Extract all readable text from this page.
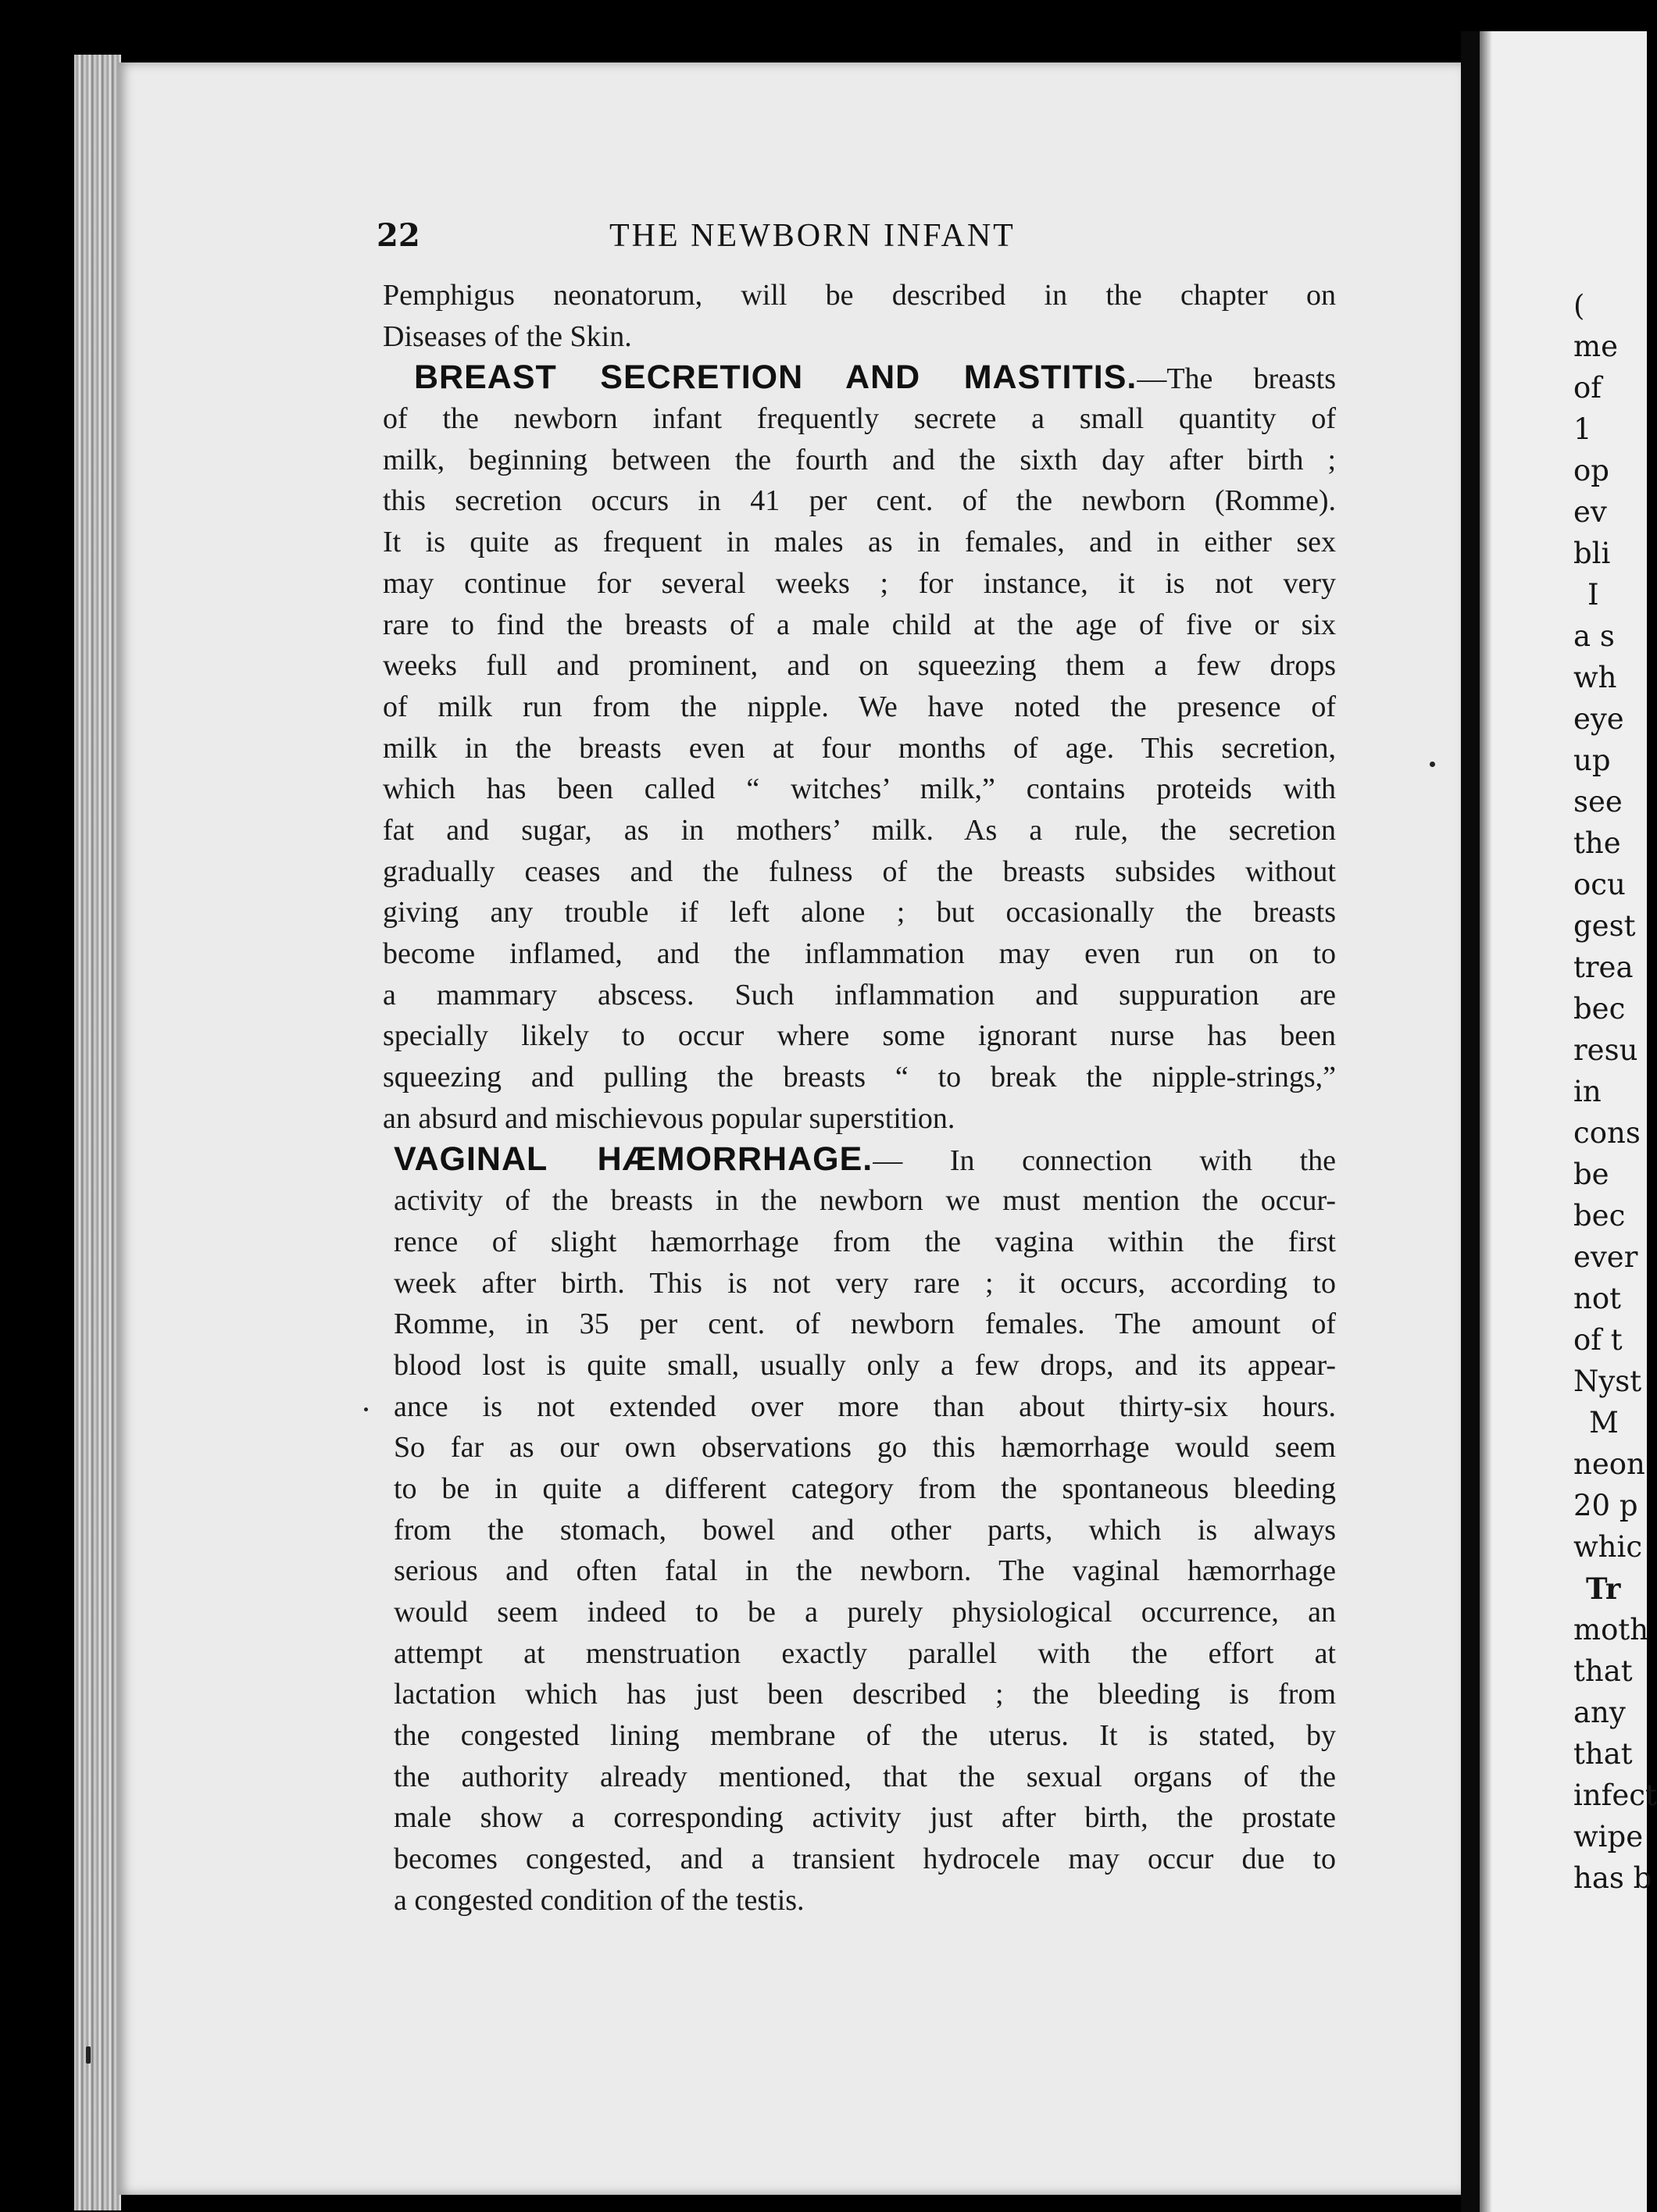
22	THE NEWBORN INFANT
Pemphigus neonatorum, will be described in the chapter on
Diseases of the Skin.
BREAST SECRETION AND MASTITIS.—The breasts
of the newborn infant frequently secrete a small quantity of
milk, beginning between the fourth and the sixth day after birth ;
this secretion occurs in 41 per cent. of the newborn (Romme).
It is quite as frequent in males as in females, and in either sex
may continue for several weeks ; for instance, it is not very
rare to find the breasts of a male child at the age of five or six
weeks full and prominent, and on squeezing them a few drops
of milk run from the nipple. We have noted the presence of
milk in the breasts even at four months of age. This secretion,
which has been called “ witches’ milk,” contains proteids with
fat and sugar, as in mothers’ milk. As a rule, the secretion
gradually ceases and the fulness of the breasts subsides without
giving any trouble if left alone ; but occasionally the breasts
become inflamed, and the inflammation may even run on to
a mammary abscess. Such inflammation and suppuration are
specially likely to occur where some ignorant nurse has been
squeezing and pulling the breasts “ to break the nipple-strings,”
an absurd and mischievous popular superstition.
VAGINAL HÆMORRHAGE.— In connection with the
activity of the breasts in the newborn we must mention the occur-
rence of slight hæmorrhage from the vagina within the first
week after birth. This is not very rare ; it occurs, according to
Romme, in 35 per cent. of newborn females. The amount of
blood lost is quite small, usually only a few drops, and its appear-
ance is not extended over more than about thirty-six hours.
So far as our own observations go this hæmorrhage would seem
to be in quite a different category from the spontaneous bleeding
from the stomach, bowel and other parts, which is always
serious and often fatal in the newborn. The vaginal hæmorrhage
would seem indeed to be a purely physiological occurrence, an
attempt at menstruation exactly parallel with the effort at
lactation which has just been described ; the bleeding is from
the congested lining membrane of the uterus. It is stated, by
the authority already mentioned, that the sexual organs of the
male show a corresponding activity just after birth, the prostate
becomes congested, and a transient hydrocele may occur due to
a congested condition of the testis.
(
me
of
1
op
ev
bli
I
a s
wh
eye
up
see
the
ocu
gest
trea
bec
resu
in
cons
be
bec
ever
not
of t
Nyst
M
neon
20 p
whic
Tr
moth
that
any
that
infect
wipe
has b
